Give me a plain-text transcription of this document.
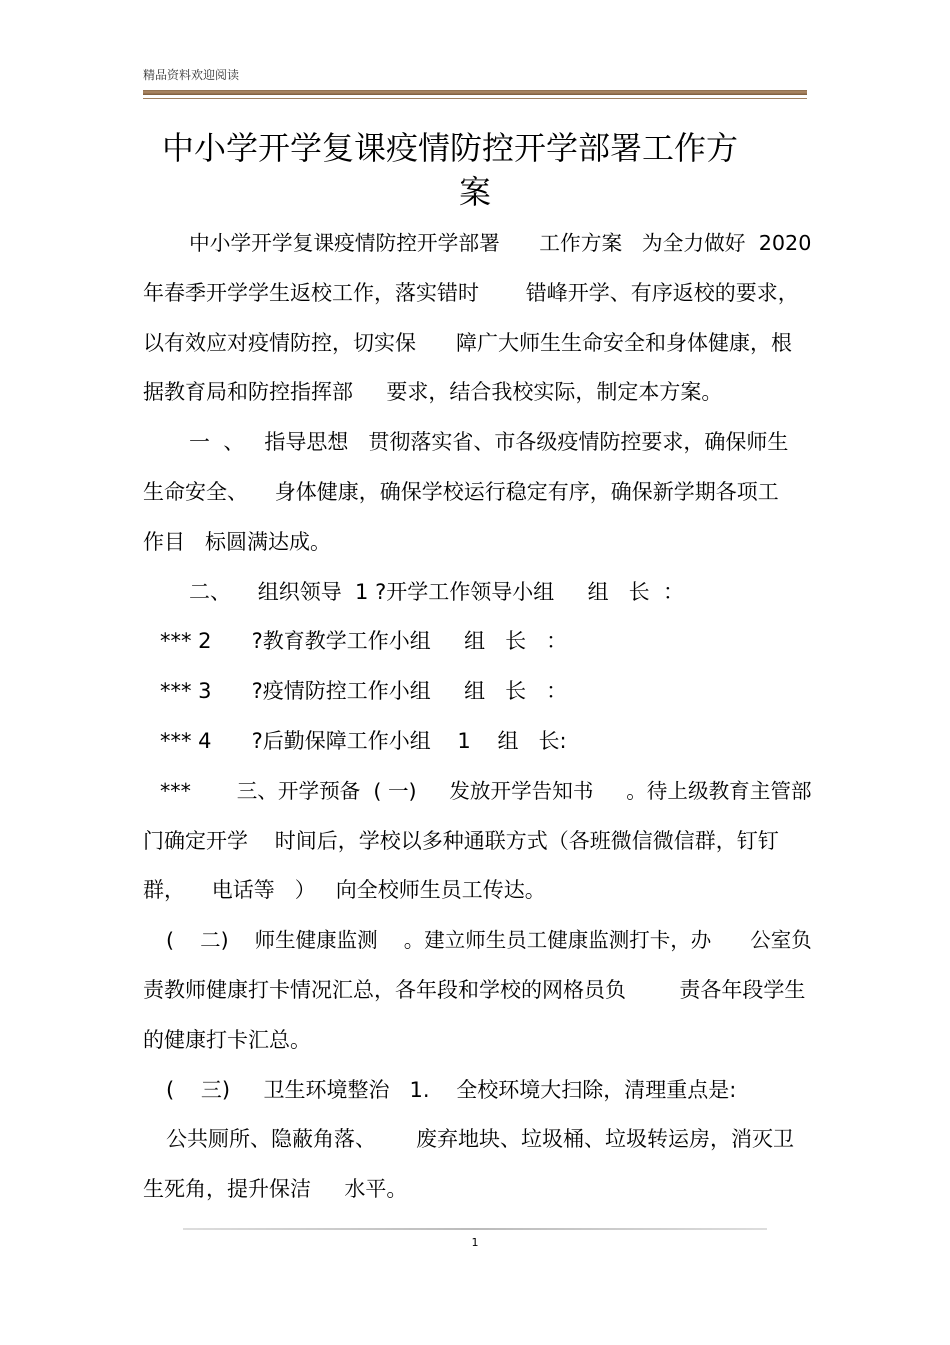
精品资料欢迎阅读
中小学开学复课疫情防控开学部署工作方
案
中小学开学复课疫情防控开学部署      工作方案   为全力做好  2020
年春季开学学生返校工作，落实错时       错峰开学、有序返校的要求，
以有效应对疫情防控，切实保      障广大师生生命安全和身体健康，根
据教育局和防控指挥部     要求，结合我校实际，制定本方案。
一  、   指导思想   贯彻落实省、市各级疫情防控要求，确保师生
生命安全、    身体健康，确保学校运行稳定有序，确保新学期各项工
作目   标圆满达成。
二、    组织领导  1 ?开学工作领导小组     组   长  ：
*** 2      ?教育教学工作小组     组   长   ：
*** 3      ?疫情防控工作小组     组   长   ：
*** 4      ?后勤保障工作小组    1    组   长:
***       三、开学预备  ( 一)     发放开学告知书     。待上级教育主管部
门确定开学    时间后，学校以多种通联方式（各班微信微信群，钉钉
群，    电话等   ）   向全校师生员工传达。
(    二)    师生健康监测    。建立师生员工健康监测打卡，办      公室负
责教师健康打卡情况汇总，各年段和学校的网格员负        责各年段学生
的健康打卡汇总。
(    三)     卫生环境整治   1.    全校环境大扫除，清理重点是:
公共厕所、隐蔽角落、      废弃地块、垃圾桶、垃圾转运房，消灭卫
生死角，提升保洁     水平。
1
